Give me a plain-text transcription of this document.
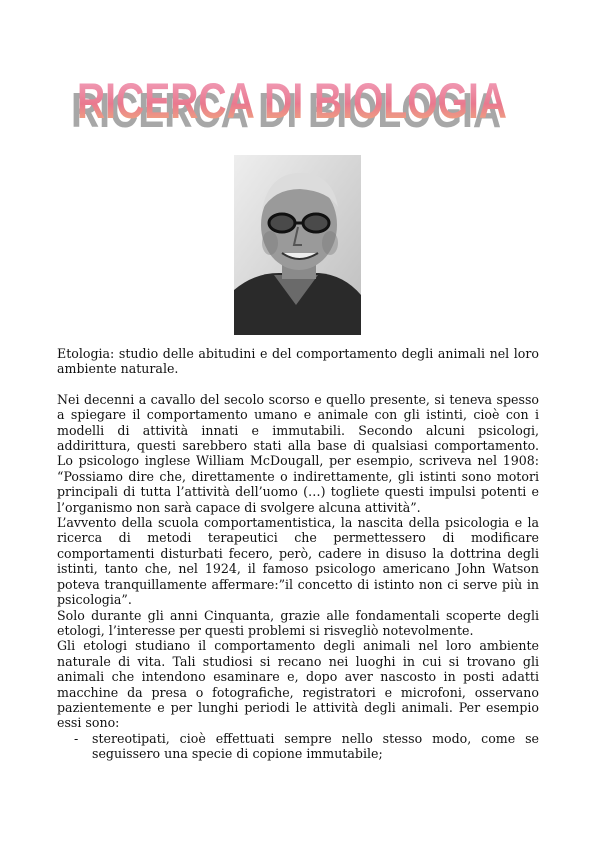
RICERCA DI BIOLOGIA
RICERCA DI BIOLOGIA

Etologia: studio delle abitudini e del comportamento degli animali nel loro ambiente naturale.

Nei decenni a cavallo del secolo scorso e quello presente, si teneva spesso a spiegare il comportamento umano e animale con gli istinti, cioè con i modelli di attività innati e immutabili. Secondo alcuni psicologi, addirittura, questi sarebbero stati alla base di qualsiasi comportamento. Lo psicologo inglese William McDougall, per esempio, scriveva nel 1908: “Possiamo dire che, direttamente o indirettamente, gli istinti sono motori principali di tutta l’attività dell’uomo (…) togliete questi impulsi potenti e l’organismo non sarà capace di svolgere alcuna attività”.

L’avvento della scuola comportamentistica, la nascita della psicologia e la ricerca di metodi terapeutici che permettessero di modificare comportamenti disturbati fecero, però, cadere in disuso la dottrina degli istinti, tanto che, nel 1924, il famoso psicologo americano John Watson poteva tranquillamente affermare:”il concetto di istinto non ci serve più in psicologia”.

Solo durante gli anni Cinquanta, grazie alle fondamentali scoperte degli etologi, l’interesse per questi problemi si risvegliò notevolmente.

Gli etologi studiano il comportamento degli animali nel loro ambiente naturale di vita. Tali studiosi si recano nei luoghi in cui si trovano gli animali che intendono esaminare e, dopo aver nascosto in posti adatti macchine da presa o fotografiche, registratori e microfoni, osservano pazientemente e per lunghi periodi le attività degli animali. Per esempio essi sono:

- stereotipati, cioè effettuati sempre nello stesso modo, come se seguissero una specie di copione immutabile;
